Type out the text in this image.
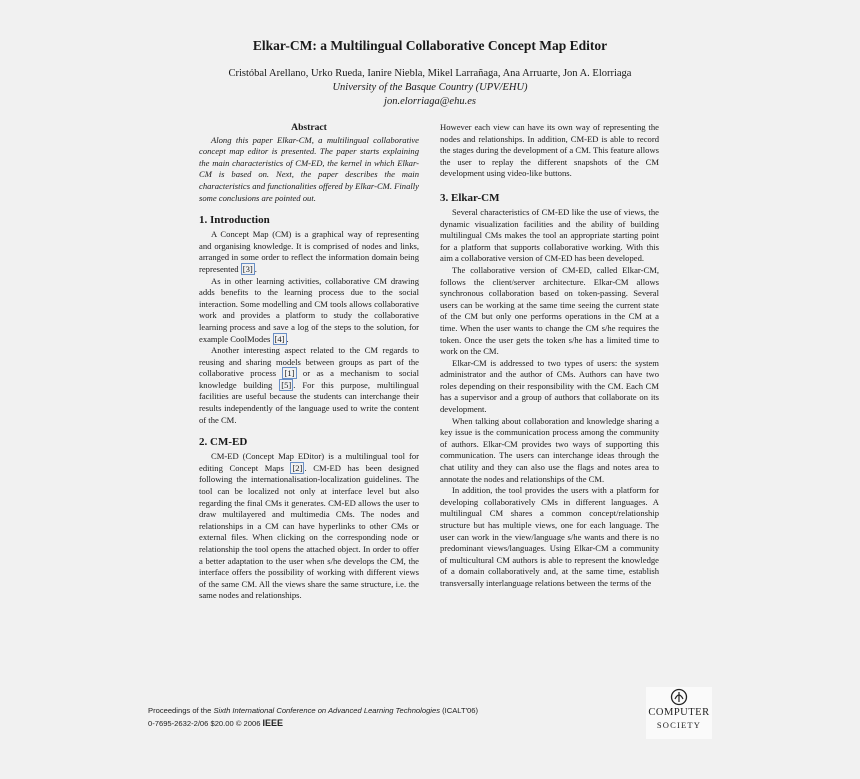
Elkar-CM: a Multilingual Collaborative Concept Map Editor
Cristóbal Arellano, Urko Rueda, Ianire Niebla, Mikel Larrañaga, Ana Arruarte, Jon A. Elorriaga
University of the Basque Country (UPV/EHU)
jon.elorriaga@ehu.es
Abstract

Along this paper Elkar-CM, a multilingual collaborative concept map editor is presented. The paper starts explaining the main characteristics of CM-ED, the kernel in which Elkar-CM is based on. Next, the paper describes the main characteristics and functionalities offered by Elkar-CM. Finally some conclusions are pointed out.

1. Introduction

A Concept Map (CM) is a graphical way of representing and organising knowledge. It is comprised of nodes and links, arranged in some order to reflect the information domain being represented [3] .

As in other learning activities, collaborative CM drawing adds benefits to the learning process due to the social interaction. Some modelling and CM tools allows collaborative work and provides a platform to study the collaborative learning process and save a log of the steps to the solution, for example CoolModes [4] .

Another interesting aspect related to the CM regards to reusing and sharing models between groups as part of the collaborative process [1] or as a mechanism to social knowledge building [5] . For this purpose, multilingual facilities are useful because the students can interchange their results independently of the language used to write the content of the CM.

2. CM-ED

CM-ED (Concept Map EDitor) is a multilingual tool for editing Concept Maps [2] . CM-ED has been designed following the internationalisation-localization guidelines. The tool can be localized not only at interface level but also regarding the final CMs it generates. CM-ED allows the user to draw multilayered and multimedia CMs. The nodes and relationships in a CM can have hyperlinks to other CMs or external files. When clicking on the corresponding node or relationship the tool opens the attached object. In order to offer a better adaptation to the user when s/he develops the CM, the interface offers the possibility of working with different views of the same CM. All the views share the same structure, i.e. the same nodes and relationships.

However each view can have its own way of representing the nodes and relationships. In addition, CM-ED is able to record the stages during the development of a CM. This feature allows the user to replay the different snapshots of the CM development using video-like buttons.

3. Elkar-CM

Several characteristics of CM-ED like the use of views, the dynamic visualization facilities and the ability of building multilingual CMs makes the tool an appropriate starting point for a platform that supports collaborative working. With this aim a collaborative version of CM-ED has been developed.

The collaborative version of CM-ED, called Elkar-CM, follows the client/server architecture. Elkar-CM allows synchronous collaboration based on token-passing. Several users can be working at the same time seeing the current state of the CM but only one performs operations in the CM at a time. When the user wants to change the CM s/he requires the token. Once the user gets the token s/he has a limited time to work on the CM.

Elkar-CM is addressed to two types of users: the system administrator and the author of CMs. Authors can have two roles depending on their responsibility with the CM. Each CM has a supervisor and a group of authors that collaborate on its development.

When talking about collaboration and knowledge sharing a key issue is the communication process among the community of authors. Elkar-CM provides two ways of supporting this communication. The users can interchange ideas through the chat utility and they can also use the flags and notes area to annotate the nodes and relationships of the CM.

In addition, the tool provides the users with a platform for developing collaboratively CMs in different languages. A multilingual CM shares a common concept/relationship structure but has multiple views, one for each language. The user can work in the view/language s/he wants and there is no predominant views/languages. Using Elkar-CM a community of multicultural CM authors is able to represent the knowledge of a domain collaboratively and, at the same time, establish transversally interlanguage relations between the terms of the

Proceedings of the Sixth International Conference on Advanced Learning Technologies (ICALT'06)
0-7695-2632-2/06 $20.00 © 2006 IEEE
COMPUTER
SOCIETY
